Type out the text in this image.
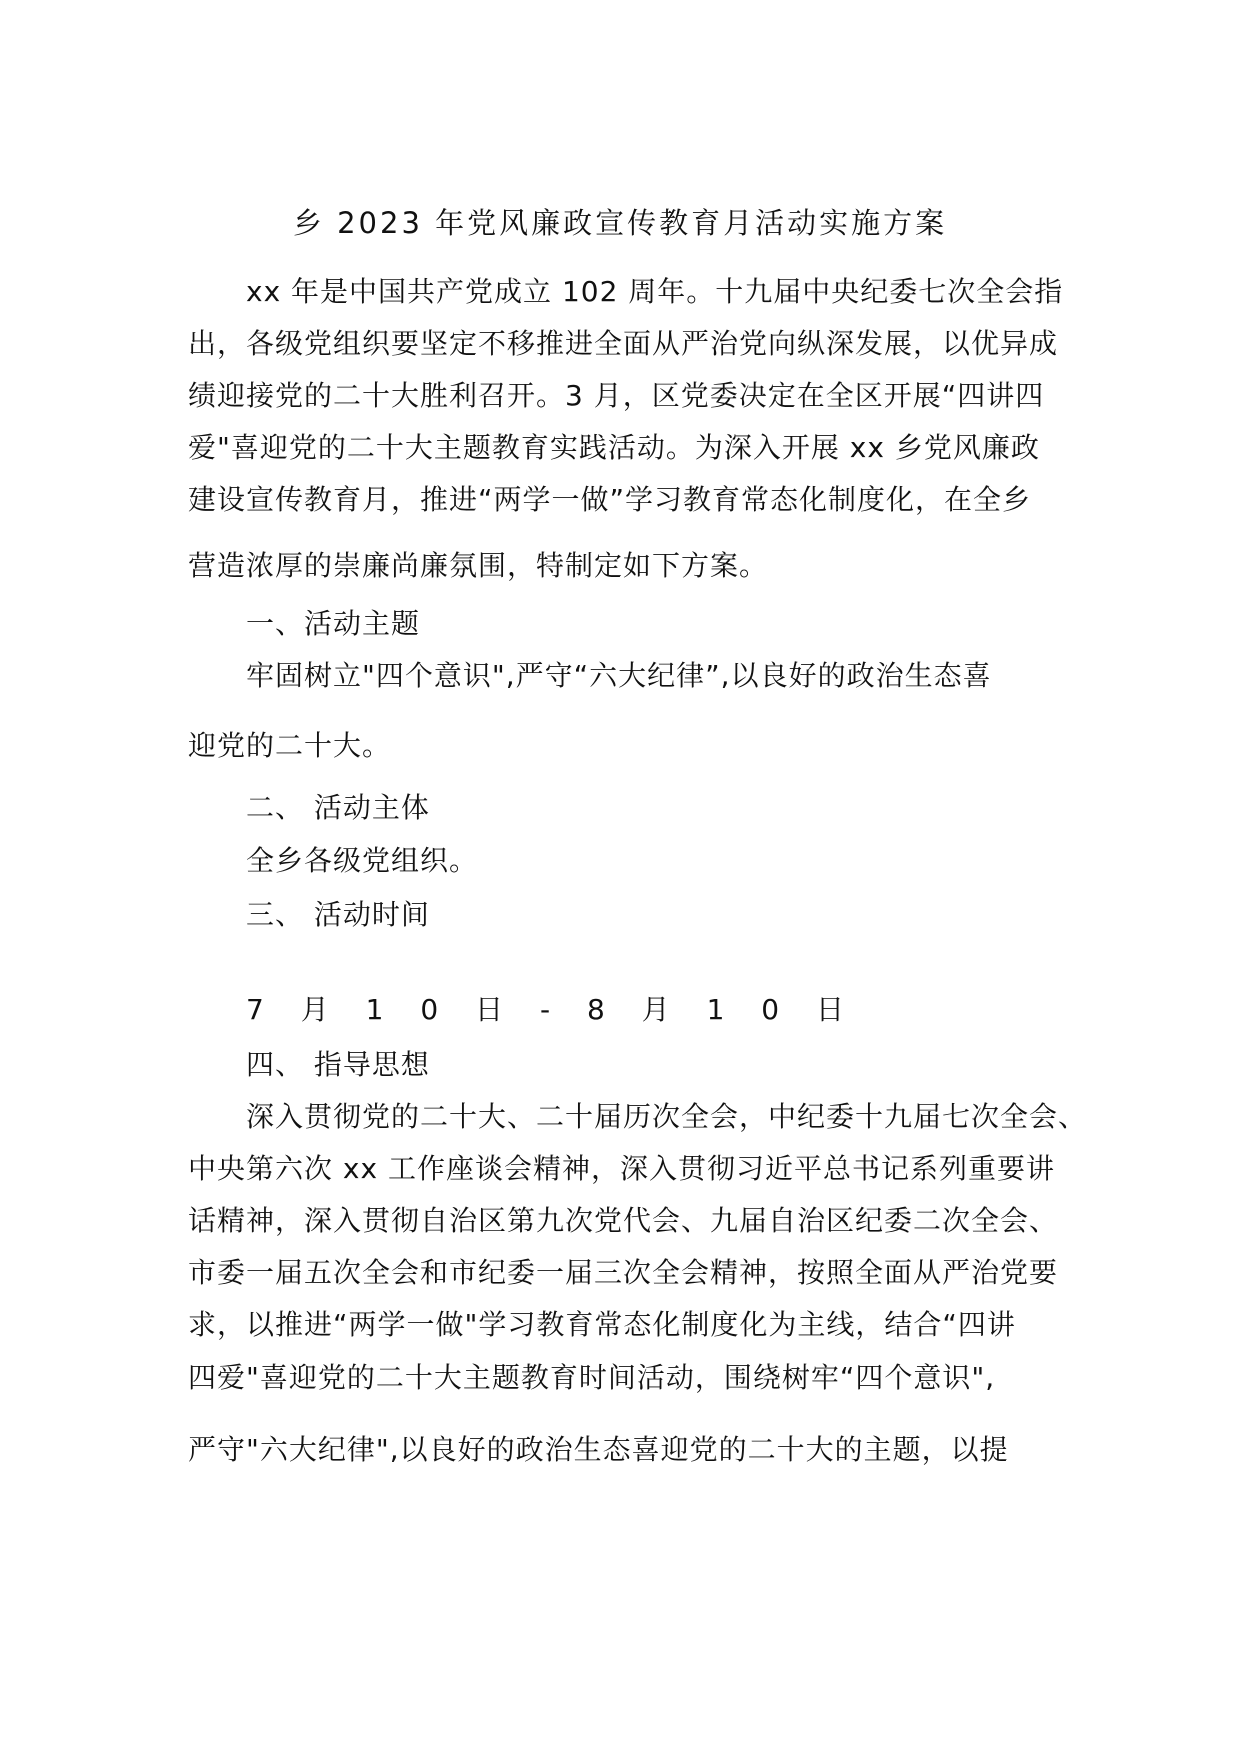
乡 2023 年党风廉政宣传教育月活动实施方案
xx 年是中国共产党成立 102 周年。十九届中央纪委七次全会指
出，各级党组织要坚定不移推进全面从严治党向纵深发展，以优异成
绩迎接党的二十大胜利召开。3 月，区党委决定在全区开展“四讲四
爱"喜迎党的二十大主题教育实践活动。为深入开展 xx 乡党风廉政
建设宣传教育月，推进“两学一做”学习教育常态化制度化，在全乡
营造浓厚的崇廉尚廉氛围，特制定如下方案。
一、活动主题
牢固树立"四个意识",严守“六大纪律”,以良好的政治生态喜
迎党的二十大。
二、 活动主体
全乡各级党组织。
三、 活动时间
7 月 1 0 日 - 8 月 1 0 日
四、 指导思想
深入贯彻党的二十大、二十届历次全会，中纪委十九届七次全会、
中央第六次 xx 工作座谈会精神，深入贯彻习近平总书记系列重要讲
话精神，深入贯彻自治区第九次党代会、九届自治区纪委二次全会、
市委一届五次全会和市纪委一届三次全会精神，按照全面从严治党要
求，以推进“两学一做"学习教育常态化制度化为主线，结合“四讲
四爱"喜迎党的二十大主题教育时间活动，围绕树牢“四个意识",
严守"六大纪律",以良好的政治生态喜迎党的二十大的主题，以提
